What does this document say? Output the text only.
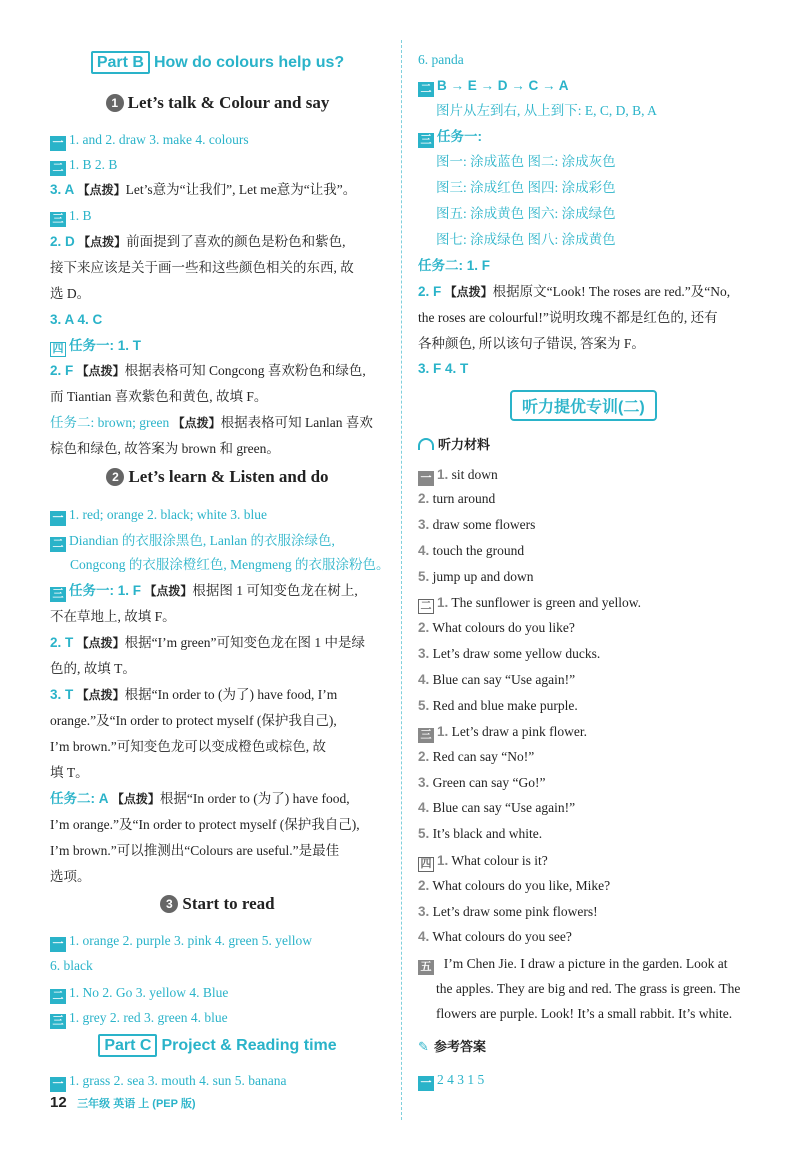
Part B How do colours help us?
1 Let’s talk & Colour and say
一 1. and 2. draw 3. make 4. colours
二 1. B 2. B
3. A 【点拨】Let’s意为“让我们”, Let me意为“让我”。
三 1. B
2. D 【点拨】前面提到了喜欢的颜色是粉色和紫色,
接下来应该是关于画一些和这些颜色相关的东西, 故
选 D。
3. A 4. C
四 任务一: 1. T
2. F 【点拨】根据表格可知 Congcong 喜欢粉色和绿色,
而 Tiantian 喜欢紫色和黄色, 故填 F。
任务二: brown; green 【点拨】根据表格可知 Lanlan 喜欢
棕色和绿色, 故答案为 brown 和 green。
2 Let’s learn & Listen and do
一 1. red; orange 2. black; white 3. blue
二 Diandian 的衣服涂黑色, Lanlan 的衣服涂绿色,
Congcong 的衣服涂橙红色, Mengmeng 的衣服涂粉色。
三 任务一: 1. F 【点拨】根据图 1 可知变色龙在树上,
不在草地上, 故填 F。
2. T 【点拨】根据“I’m green”可知变色龙在图 1 中是绿
色的, 故填 T。
3. T 【点拨】根据“In order to (为了) have food, I’m
orange.”及“In order to protect myself (保护我自己),
I’m brown.”可知变色龙可以变成橙色或棕色, 故
填 T。
任务二: A 【点拨】根据“In order to (为了) have food,
I’m orange.”及“In order to protect myself (保护我自己),
I’m brown.”可以推测出“Colours are useful.”是最佳
选项。
3 Start to read
一 1. orange 2. purple 3. pink 4. green 5. yellow
6. black
二 1. No 2. Go 3. yellow 4. Blue
三 1. grey 2. red 3. green 4. blue
Part C Project & Reading time
一 1. grass 2. sea 3. mouth 4. sun 5. banana
6. panda
二 B → E → D → C → A
图片从左到右, 从上到下: E, C, D, B, A
三 任务一:
图一: 涂成蓝色 图二: 涂成灰色
图三: 涂成红色 图四: 涂成彩色
图五: 涂成黄色 图六: 涂成绿色
图七: 涂成绿色 图八: 涂成黄色
任务二: 1. F
2. F 【点拨】根据原文“Look! The roses are red.”及“No,
the roses are colourful!”说明玫瑰不都是红色的, 还有
各种颜色, 所以该句子错误, 答案为 F。
3. F 4. T
听力提优专训(二)
听力材料
一 1. sit down
2. turn around
3. draw some flowers
4. touch the ground
5. jump up and down
二 1. The sunflower is green and yellow.
2. What colours do you like?
3. Let’s draw some yellow ducks.
4. Blue can say “Use again!”
5. Red and blue make purple.
三 1. Let’s draw a pink flower.
2. Red can say “No!”
3. Green can say “Go!”
4. Blue can say “Use again!”
5. It’s black and white.
四 1. What colour is it?
2. What colours do you like, Mike?
3. Let’s draw some pink flowers!
4. What colours do you see?
五 I’m Chen Jie. I draw a picture in the garden. Look at
the apples. They are big and red. The grass is green. The
flowers are purple. Look! It’s a small rabbit. It’s white.
✎ 参考答案
一 2 4 3 1 5
12 三年级 英语 上 (PEP 版)
